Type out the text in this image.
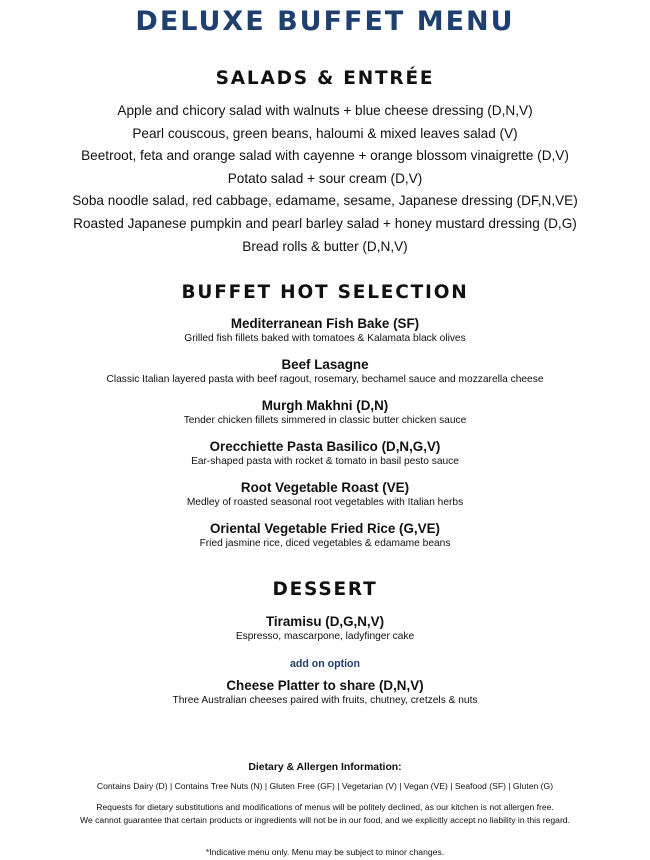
DELUXE BUFFET MENU
SALADS & ENTRÉE
Apple and chicory salad with walnuts + blue cheese dressing (D,N,V)
Pearl couscous, green beans, haloumi & mixed leaves salad (V)
Beetroot, feta and orange salad with cayenne + orange blossom vinaigrette (D,V)
Potato salad + sour cream (D,V)
Soba noodle salad, red cabbage, edamame, sesame, Japanese dressing (DF,N,VE)
Roasted Japanese pumpkin and pearl barley salad + honey mustard dressing (D,G)
Bread rolls & butter (D,N,V)
BUFFET HOT SELECTION
Mediterranean Fish Bake (SF)
Grilled fish fillets baked with tomatoes & Kalamata black olives
Beef Lasagne
Classic Italian layered pasta with beef ragout, rosemary, bechamel sauce and mozzarella cheese
Murgh Makhni (D,N)
Tender chicken fillets simmered in classic butter chicken sauce
Orecchiette Pasta Basilico (D,N,G,V)
Ear-shaped pasta with rocket & tomato in basil pesto sauce
Root Vegetable Roast (VE)
Medley of roasted seasonal root vegetables with Italian herbs
Oriental Vegetable Fried Rice (G,VE)
Fried jasmine rice, diced vegetables & edamame beans
DESSERT
Tiramisu (D,G,N,V)
Espresso, mascarpone, ladyfinger cake
add on option
Cheese Platter to share (D,N,V)
Three Australian cheeses paired with fruits, chutney, cretzels & nuts
Dietary & Allergen Information:
Contains Dairy (D) | Contains Tree Nuts (N) | Gluten Free (GF) | Vegetarian (V) | Vegan (VE) | Seafood (SF) | Gluten (G)
Requests for dietary substitutions and modifications of menus will be politely declined, as our kitchen is not allergen free.
We cannot guarantee that certain products or ingredients will not be in our food, and we explicitly accept no liability in this regard.
*Indicative menu only. Menu may be subject to minor changes.
